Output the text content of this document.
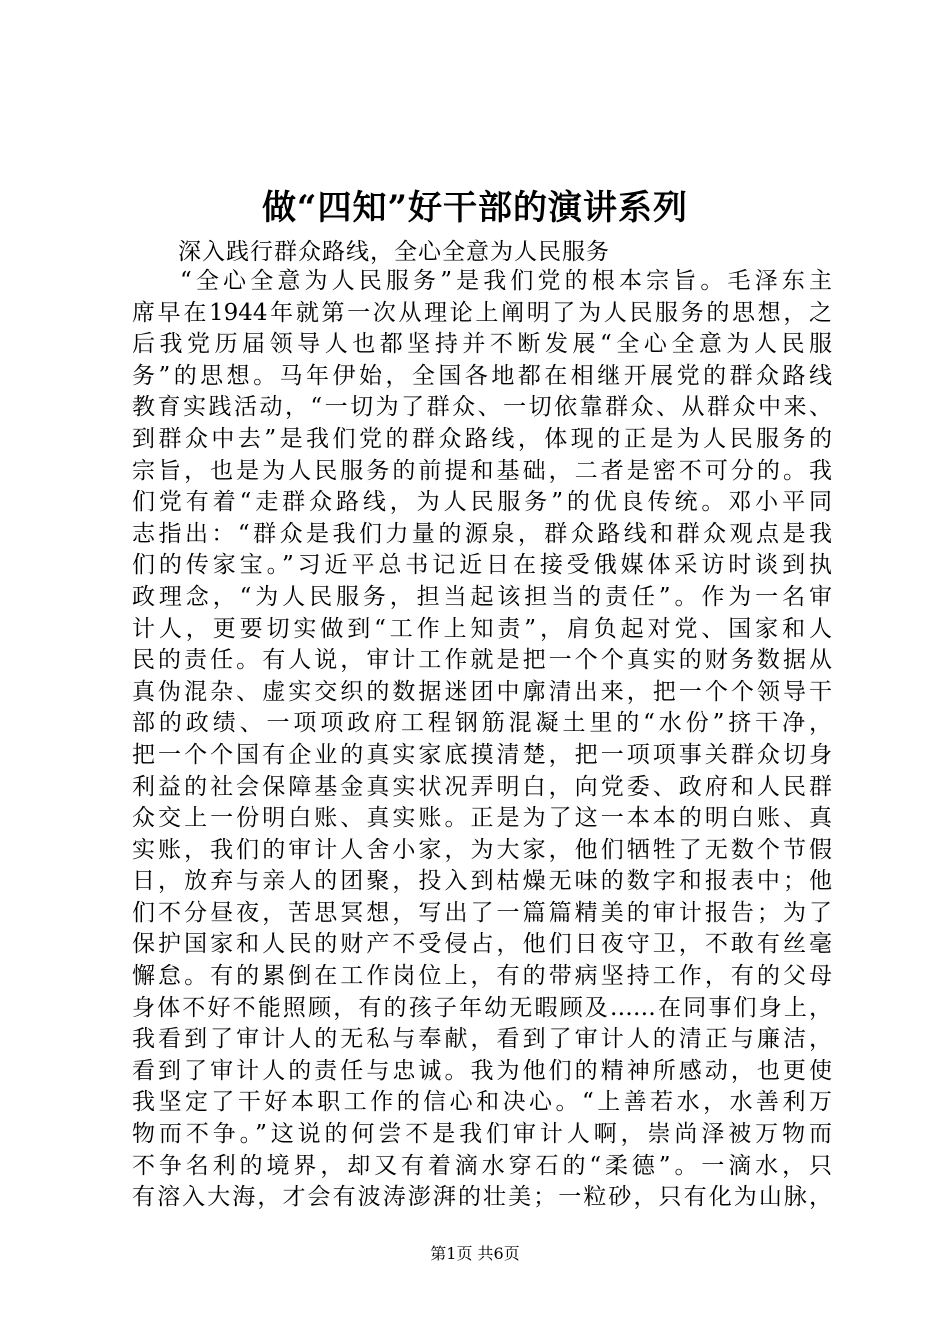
做“四知”好干部的演讲系列
深入践行群众路线，全心全意为人民服务
“全心全意为人民服务”是我们党的根本宗旨。毛泽东主
席早在1944年就第一次从理论上阐明了为人民服务的思想，之
后我党历届领导人也都坚持并不断发展“全心全意为人民服
务”的思想。马年伊始，全国各地都在相继开展党的群众路线
教育实践活动，“一切为了群众、一切依靠群众、从群众中来、
到群众中去”是我们党的群众路线，体现的正是为人民服务的
宗旨，也是为人民服务的前提和基础，二者是密不可分的。我
们党有着“走群众路线，为人民服务”的优良传统。邓小平同
志指出：“群众是我们力量的源泉，群众路线和群众观点是我
们的传家宝。”习近平总书记近日在接受俄媒体采访时谈到执
政理念，“为人民服务，担当起该担当的责任”。作为一名审
计人，更要切实做到“工作上知责”，肩负起对党、国家和人
民的责任。有人说，审计工作就是把一个个真实的财务数据从
真伪混杂、虚实交织的数据迷团中廓清出来，把一个个领导干
部的政绩、一项项政府工程钢筋混凝土里的“水份”挤干净，
把一个个国有企业的真实家底摸清楚，把一项项事关群众切身
利益的社会保障基金真实状况弄明白，向党委、政府和人民群
众交上一份明白账、真实账。正是为了这一本本的明白账、真
实账，我们的审计人舍小家，为大家，他们牺牲了无数个节假
日，放弃与亲人的团聚，投入到枯燥无味的数字和报表中；他
们不分昼夜，苦思冥想，写出了一篇篇精美的审计报告；为了
保护国家和人民的财产不受侵占，他们日夜守卫，不敢有丝毫
懈怠。有的累倒在工作岗位上，有的带病坚持工作，有的父母
身体不好不能照顾，有的孩子年幼无暇顾及……在同事们身上，
我看到了审计人的无私与奉献，看到了审计人的清正与廉洁，
看到了审计人的责任与忠诚。我为他们的精神所感动，也更使
我坚定了干好本职工作的信心和决心。“上善若水，水善利万
物而不争。”这说的何尝不是我们审计人啊，崇尚泽被万物而
不争名利的境界，却又有着滴水穿石的“柔德”。一滴水，只
有溶入大海，才会有波涛澎湃的壮美；一粒砂，只有化为山脉，
第1页 共6页
